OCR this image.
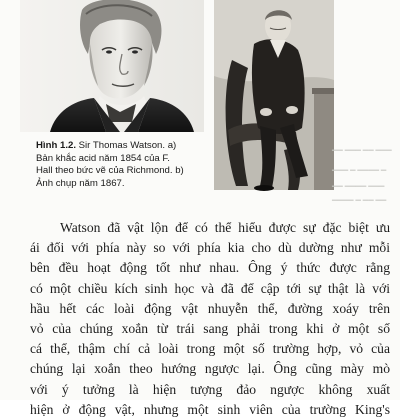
▔▔ ▔▔▔ ▔▔ ▔▔▔
▔▔▔ ▔ ▔▔▔▔ ▔
▔▔ ▔▔▔▔ ▔▔▔
▔▔▔▔ ▔ ▔▔ ▔▔
Hình 1.2. Sir Thomas Watson. a)
Bản khắc acid năm 1854 của F.
Hall theo bức vẽ của Richmond. b)
Ảnh chụp năm 1867.
Watson đã vật lộn để có thể hiểu được sự đặc biệt ưu
ái đối với phía này so với phía kia cho dù dường như mỗi
bên đều hoạt động tốt như nhau. Ông ý thức được rằng
có một chiều kích sinh học và đã để cập tới sự thật là với
hầu hết các loài động vật nhuyễn thể, đường xoáy trên
vỏ của chúng xoắn từ trái sang phải trong khi ở một số
cá thể, thậm chí cả loài trong một số trường hợp, vỏ của
chúng lại xoắn theo hướng ngược lại. Ông cũng mày mò
với ý tưởng là hiện tượng đảo ngược không xuất
hiện ở động vật, nhưng một sinh viên của trường King's
